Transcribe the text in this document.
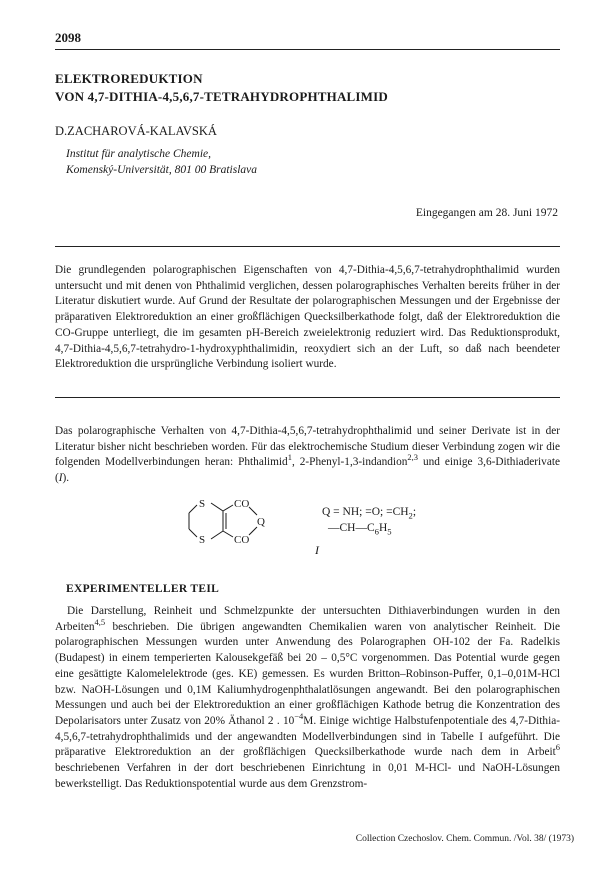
2098
ELEKTROREDUKTION
VON 4,7-DITHIA-4,5,6,7-TETRAHYDROPHTHALIMID
D.ZACHAROVÁ-KALAVSKÁ
Institut für analytische Chemie,
Komenský-Universität, 801 00 Bratislava
Eingegangen am 28. Juni 1972

Die grundlegenden polarographischen Eigenschaften von 4,7-Dithia-4,5,6,7-tetrahydrophthalimid wurden untersucht und mit denen von Phthalimid verglichen, dessen polarographisches Verhalten bereits früher in der Literatur diskutiert wurde. Auf Grund der Resultate der polarographischen Messungen und der Ergebnisse der präparativen Elektroreduktion an einer großflächigen Quecksilberkathode folgt, daß der Elektroreduktion die CO-Gruppe unterliegt, die im gesamten pH-Bereich zweielektronig reduziert wird. Das Reduktionsprodukt, 4,7-Dithia-4,5,6,7-tetrahydro-1-hydroxyphthalimidin, reoxydiert sich an der Luft, so daß nach beendeter Elektroreduktion die ursprüngliche Verbindung isoliert wurde.

Das polarographische Verhalten von 4,7-Dithia-4,5,6,7-tetrahydrophthalimid und seiner Derivate ist in der Literatur bisher nicht beschrieben worden. Für das elektrochemische Studium dieser Verbindung zogen wir die folgenden Modellverbindungen heran: Phthalimid$^1$, 2-Phenyl-1,3-indandion$^{2,3}$ und einige 3,6-Dithiaderivate (I).

S
S
CO
CO
Q
Q = NH; =O; $=CH_2$;
$—CH—C_6H_5$
I
EXPERIMENTELLER TEIL

Die Darstellung, Reinheit und Schmelzpunkte der untersuchten Dithiaverbindungen wurden in den Arbeiten$^{4,5}$ beschrieben. Die übrigen angewandten Chemikalien waren von analytischer Reinheit. Die polarographischen Messungen wurden unter Anwendung des Polarographen OH-102 der Fa. Radelkis (Budapest) in einem temperierten Kalousekgefäß bei 20 – 0,5°C vorgenommen. Das Potential wurde gegen eine gesättigte Kalomelelektrode (ges. KE) gemessen. Es wurden Britton–Robinson-Puffer, 0,1–0,01M-HCl bzw. NaOH-Lösungen und 0,1M Kaliumhydrogenphthalatlösungen angewandt. Bei den polarographischen Messungen und auch bei der Elektroreduktion an einer großflächigen Kathode betrug die Konzentration des Depolarisators unter Zusatz von 20% Äthanol 2 . $10^{-4}M$. Einige wichtige Halbstufenpotentiale des 4,7-Dithia-4,5,6,7-tetrahydrophthalimids und der angewandten Modellverbindungen sind in Tabelle I aufgeführt. Die präparative Elektroreduktion an der großflächigen Quecksilberkathode wurde nach dem in Arbeit$^6$ beschriebenen Verfahren in der dort beschriebenen Einrichtung in 0,01 M-HCl- und NaOH-Lösungen bewerkstelligt. Das Reduktionspotential wurde aus dem Grenzstrom-

Collection Czechoslov. Chem. Commun. /Vol. 38/ (1973)
